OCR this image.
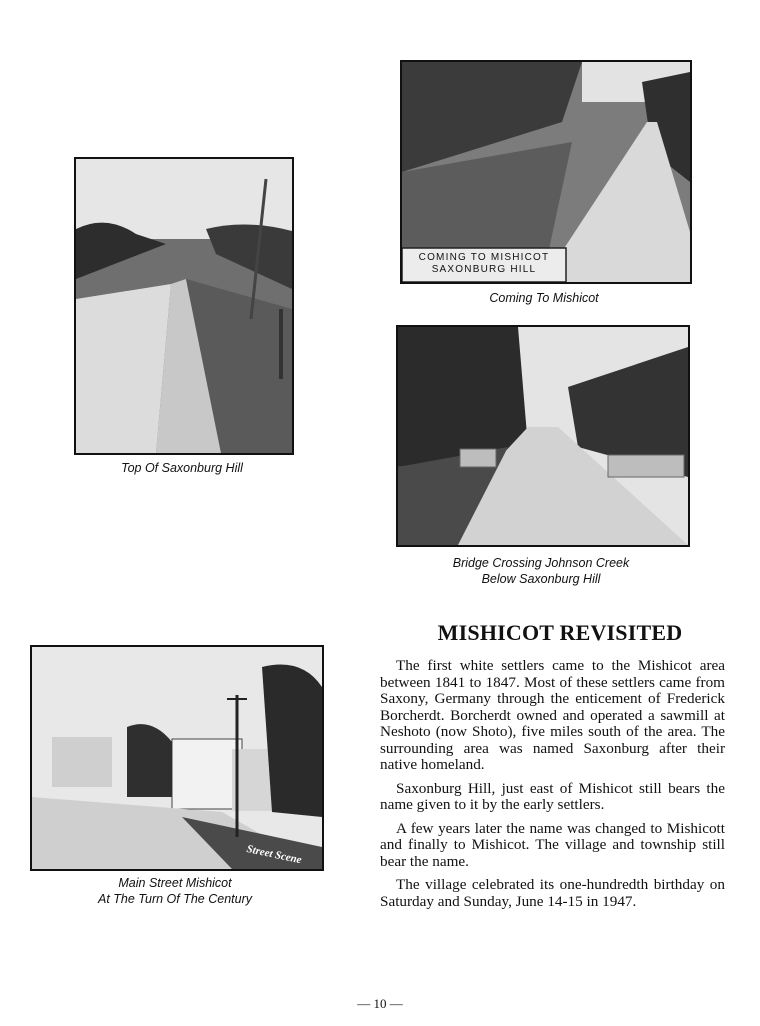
Top Of Saxonburg Hill
COMING TO MISHICOT
SAXONBURG HILL
Coming To Mishicot
Bridge Crossing Johnson Creek
Below Saxonburg Hill
Street Scene
Main Street Mishicot
At The Turn Of The Century
MISHICOT REVISITED

The first white settlers came to the Mishicot area between 1841 to 1847. Most of these settlers came from Saxony, Germany through the enticement of Frederick Borcherdt. Borcherdt owned and operated a sawmill at Neshoto (now Shoto), five miles south of the area. The surrounding area was named Saxonburg after their native homeland.

Saxonburg Hill, just east of Mishicot still bears the name given to it by the early settlers.

A few years later the name was changed to Mishicott and finally to Mishicot. The village and township still bear the name.

The village celebrated its one-hundredth birthday on Saturday and Sunday, June 14-15 in 1947.

— 10 —
